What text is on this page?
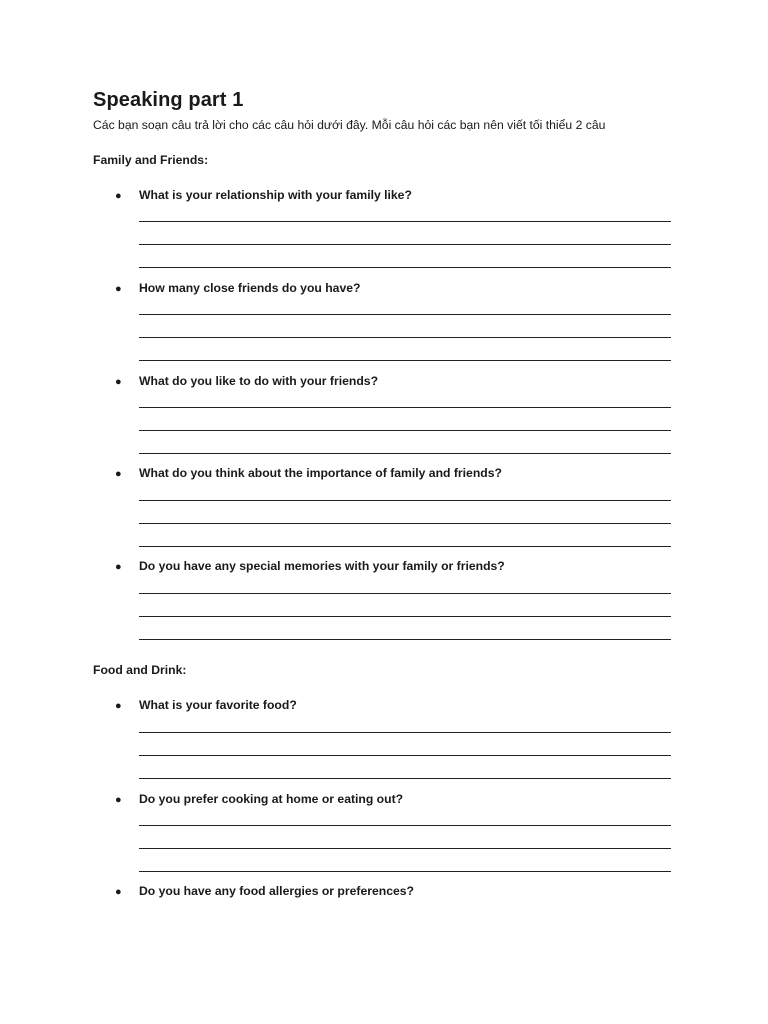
Speaking part 1
Các bạn soạn câu trả lời cho các câu hỏi dưới đây. Mỗi câu hỏi các bạn nên viết tối thiểu 2 câu
Family and Friends:
● What is your relationship with your family like?
● How many close friends do you have?
● What do you like to do with your friends?
● What do you think about the importance of family and friends?
● Do you have any special memories with your family or friends?
Food and Drink:
● What is your favorite food?
● Do you prefer cooking at home or eating out?
● Do you have any food allergies or preferences?
